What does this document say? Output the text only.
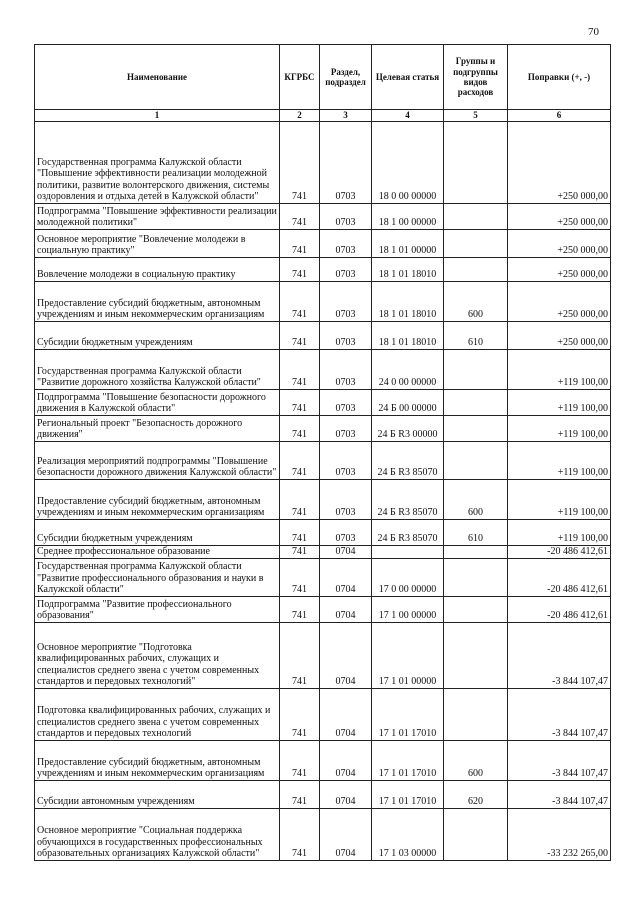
70
Наименование	КГРБС	Раздел, подраздел	Целевая статья	Группы и подгруппы видов расходов	Поправки (+, -)
1	2	3	4	5	6
Государственная программа Калужской области "Повышение эффективности реализации молодежной политики, развитие волонтерского движения, системы оздоровления и отдыха детей в Калужской области"	741	0703	18 0 00 00000		+250 000,00
Подпрограмма "Повышение эффективности реализации молодежной политики"	741	0703	18 1 00 00000		+250 000,00
Основное мероприятие "Вовлечение молодежи в социальную практику"	741	0703	18 1 01 00000		+250 000,00
Вовлечение молодежи в социальную практику	741	0703	18 1 01 18010		+250 000,00
Предоставление субсидий бюджетным, автономным учреждениям и иным некоммерческим организациям	741	0703	18 1 01 18010	600	+250 000,00
Субсидии бюджетным учреждениям	741	0703	18 1 01 18010	610	+250 000,00
Государственная программа Калужской области "Развитие дорожного хозяйства Калужской области"	741	0703	24 0 00 00000		+119 100,00
Подпрограмма "Повышение безопасности дорожного движения в Калужской области"	741	0703	24 Б 00 00000		+119 100,00
Региональный проект "Безопасность дорожного движения"	741	0703	24 Б R3 00000		+119 100,00
Реализация мероприятий подпрограммы "Повышение безопасности дорожного движения Калужской области"	741	0703	24 Б R3 85070		+119 100,00
Предоставление субсидий бюджетным, автономным учреждениям и иным некоммерческим организациям	741	0703	24 Б R3 85070	600	+119 100,00
Субсидии бюджетным учреждениям	741	0703	24 Б R3 85070	610	+119 100,00
Среднее профессиональное образование	741	0704			-20 486 412,61
Государственная программа Калужской области "Развитие профессионального образования и науки в Калужской области"	741	0704	17 0 00 00000		-20 486 412,61
Подпрограмма "Развитие профессионального образования"	741	0704	17 1 00 00000		-20 486 412,61
Основное мероприятие "Подготовка квалифицированных рабочих, служащих и специалистов среднего звена с учетом современных стандартов и передовых технологий"	741	0704	17 1 01 00000		-3 844 107,47
Подготовка квалифицированных рабочих, служащих и специалистов среднего звена с учетом современных стандартов и передовых технологий	741	0704	17 1 01 17010		-3 844 107,47
Предоставление субсидий бюджетным, автономным учреждениям и иным некоммерческим организациям	741	0704	17 1 01 17010	600	-3 844 107,47
Субсидии автономным учреждениям	741	0704	17 1 01 17010	620	-3 844 107,47
Основное мероприятие "Социальная поддержка обучающихся в государственных профессиональных образовательных организациях Калужской области"	741	0704	17 1 03 00000		-33 232 265,00
